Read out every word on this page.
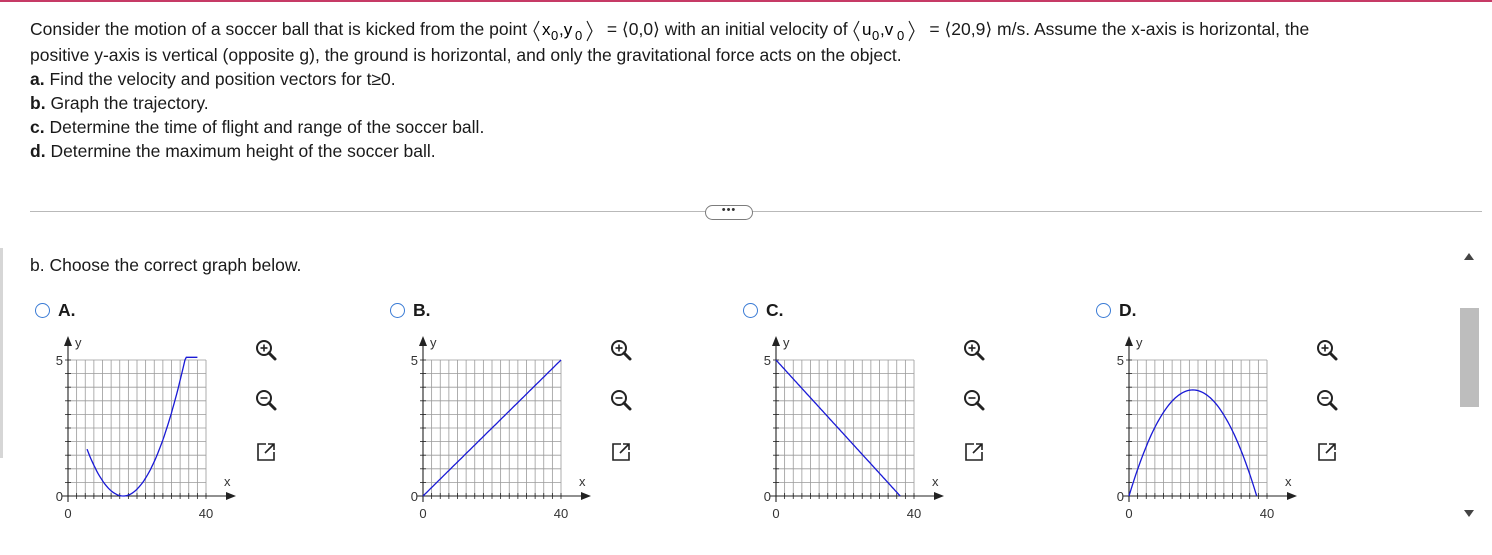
Consider the motion of a soccer ball that is kicked from the point x 0 ,y 0 = ⟨0,0⟩ with an initial velocity of u 0 ,v 0 = ⟨20,9⟩ m/s. Assume the x-axis is horizontal, the
positive y-axis is vertical (opposite g), the ground is horizontal, and only the gravitational force acts on the object.
a. Find the velocity and position vectors for t≥0.
b. Graph the trajectory.
c. Determine the time of flight and range of the soccer ball.
d. Determine the maximum height of the soccer ball.
•••
b. Choose the correct graph below.
A.
y
x
5
0
0	40
B.
y
x
5
0
0	40
C.
y
x
5
0
0	40
D.
y
x
5
0
0	40
